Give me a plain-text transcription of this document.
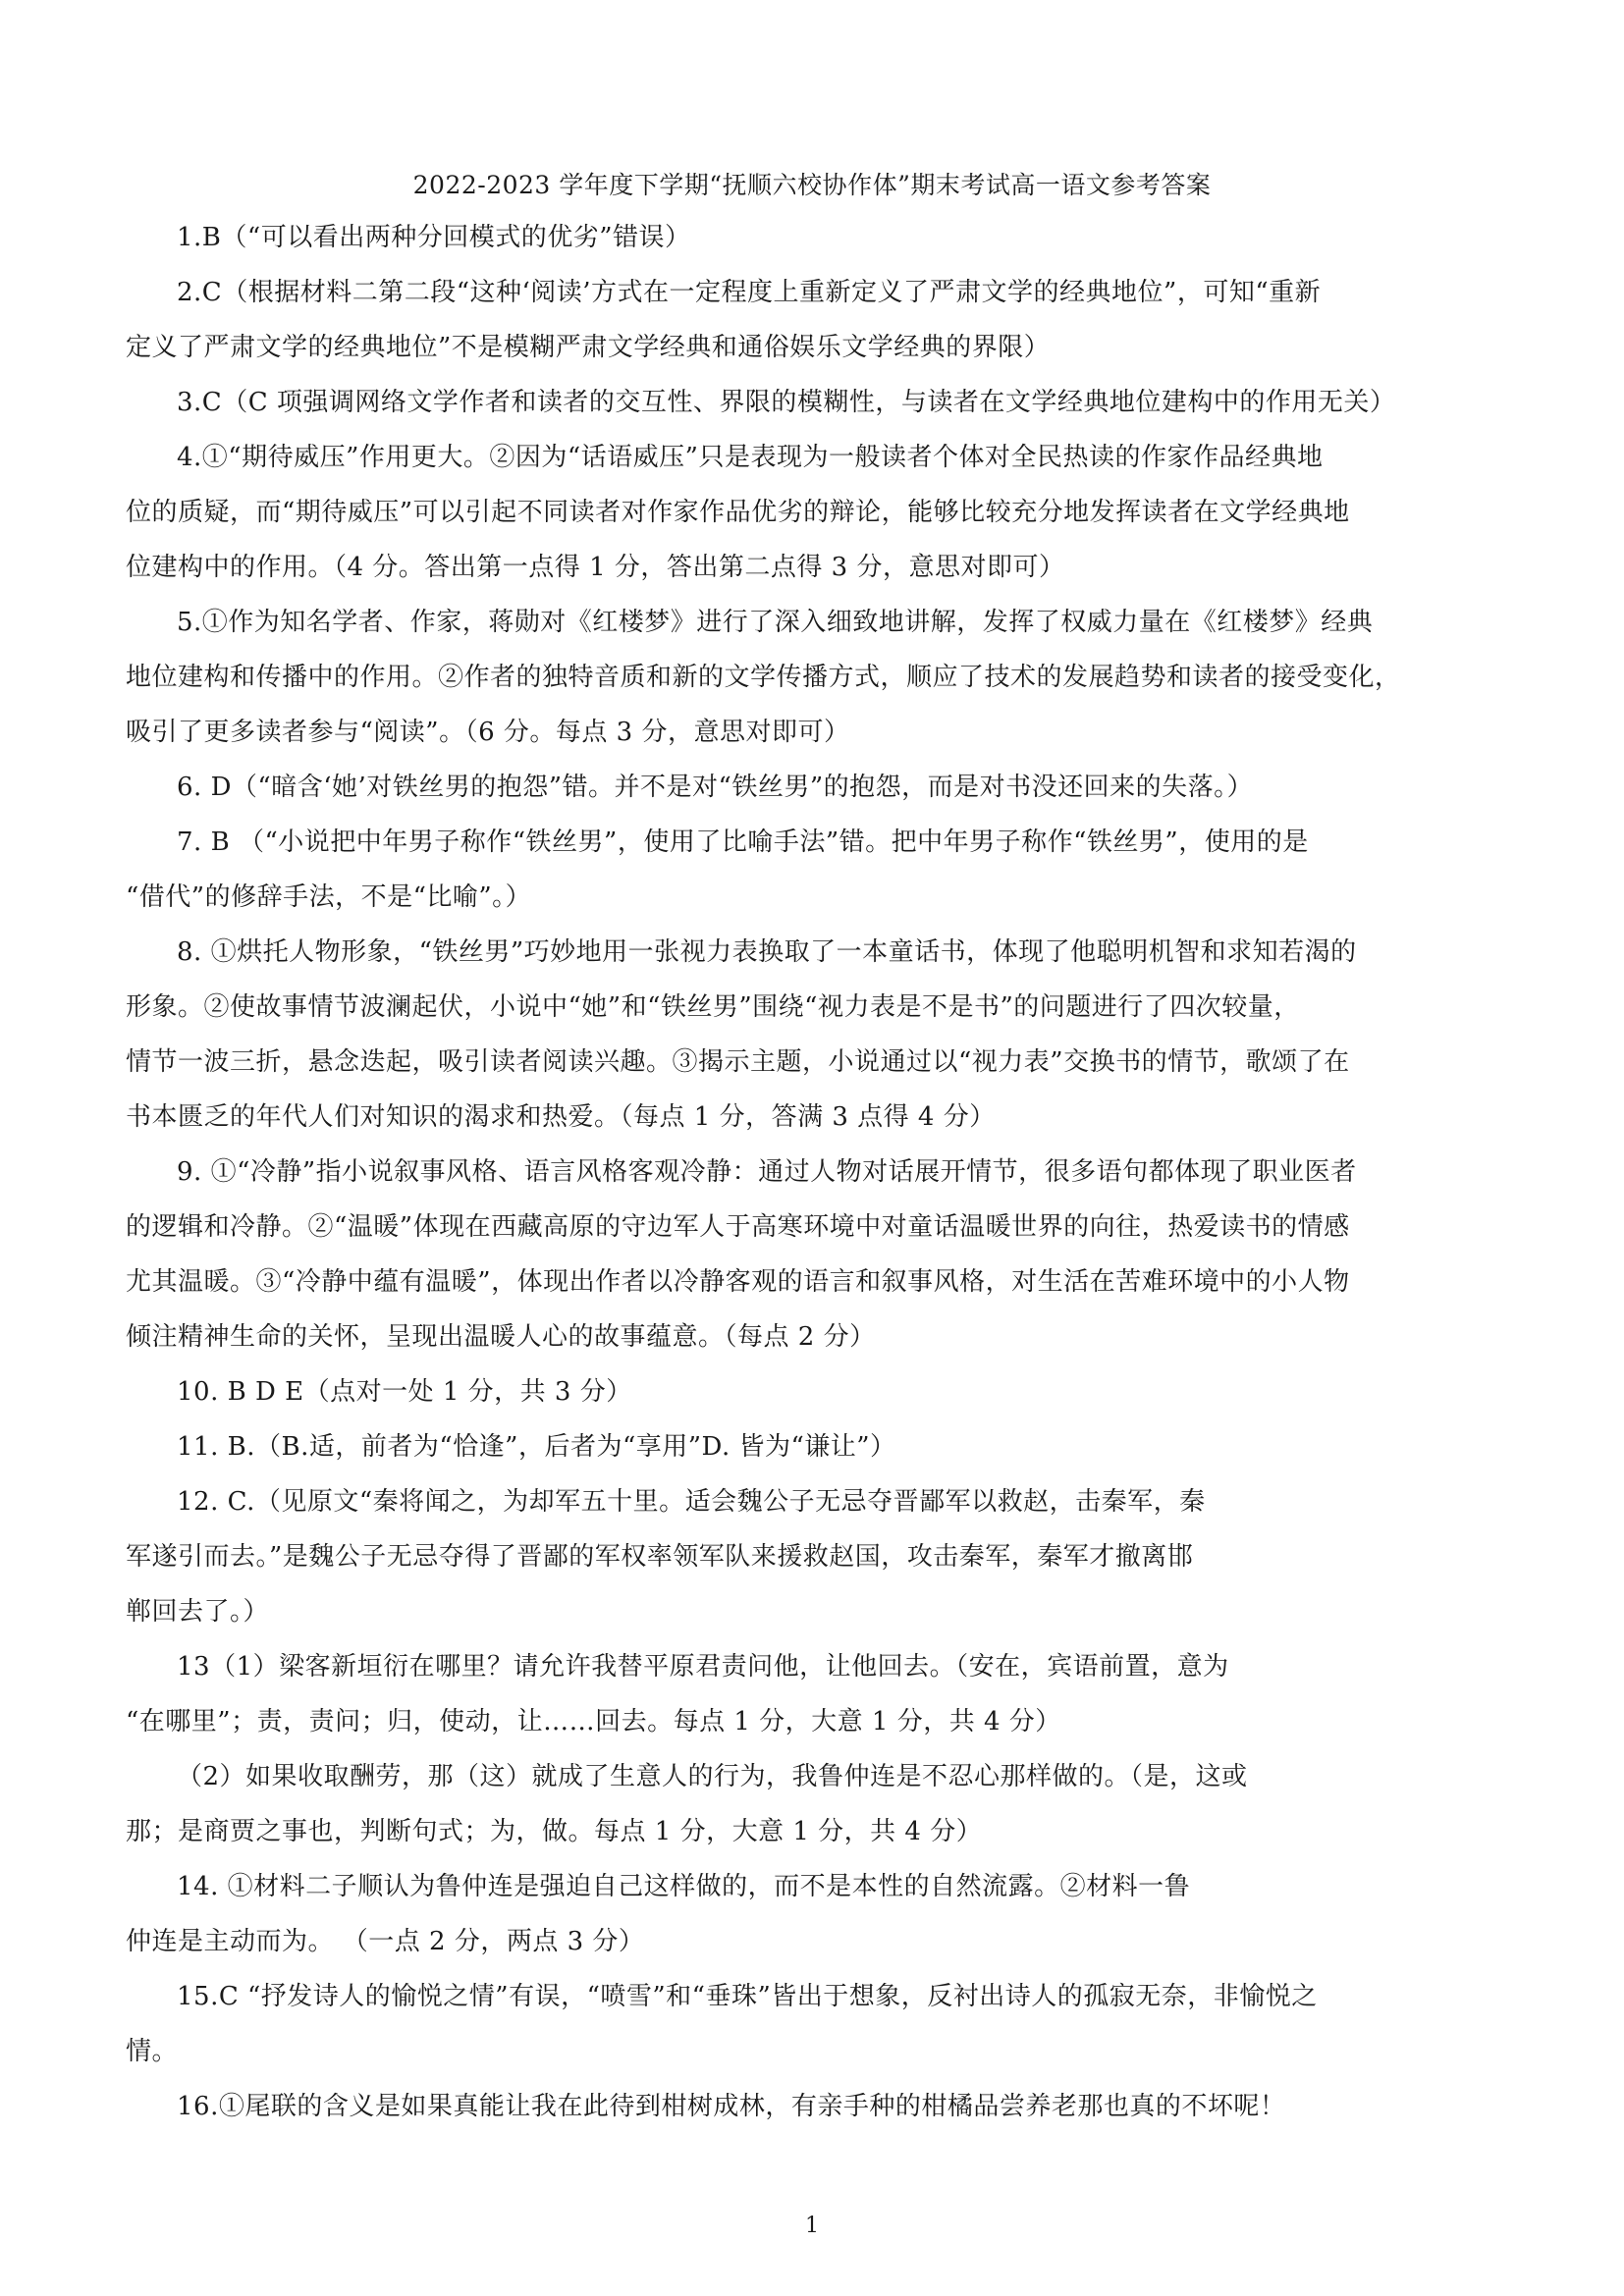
2022-2023 学年度下学期“抚顺六校协作体”期末考试高一语文参考答案
1.B（“可以看出两种分回模式的优劣”错误）
2.C（根据材料二第二段“这种‘阅读’方式在一定程度上重新定义了严肃文学的经典地位”，可知“重新
定义了严肃文学的经典地位”不是模糊严肃文学经典和通俗娱乐文学经典的界限）
3.C（C 项强调网络文学作者和读者的交互性、界限的模糊性，与读者在文学经典地位建构中的作用无关）
4.①“期待威压”作用更大。②因为“话语威压”只是表现为一般读者个体对全民热读的作家作品经典地
位的质疑，而“期待威压”可以引起不同读者对作家作品优劣的辩论，能够比较充分地发挥读者在文学经典地
位建构中的作用。（4 分。答出第一点得 1 分，答出第二点得 3 分，意思对即可）
5.①作为知名学者、作家，蒋勋对《红楼梦》进行了深入细致地讲解，发挥了权威力量在《红楼梦》经典
地位建构和传播中的作用。②作者的独特音质和新的文学传播方式，顺应了技术的发展趋势和读者的接受变化，
吸引了更多读者参与“阅读”。（6 分。每点 3 分，意思对即可）
6. D（“暗含‘她’对铁丝男的抱怨”错。并不是对“铁丝男”的抱怨，而是对书没还回来的失落。）
7. B （“小说把中年男子称作“铁丝男”，使用了比喻手法”错。把中年男子称作“铁丝男”，使用的是
“借代”的修辞手法，不是“比喻”。）
8. ①烘托人物形象，“铁丝男”巧妙地用一张视力表换取了一本童话书，体现了他聪明机智和求知若渴的
形象。②使故事情节波澜起伏，小说中“她”和“铁丝男”围绕“视力表是不是书”的问题进行了四次较量，
情节一波三折，悬念迭起，吸引读者阅读兴趣。③揭示主题，小说通过以“视力表”交换书的情节，歌颂了在
书本匮乏的年代人们对知识的渴求和热爱。（每点 1 分，答满 3 点得 4 分）
9. ①“冷静”指小说叙事风格、语言风格客观冷静：通过人物对话展开情节，很多语句都体现了职业医者
的逻辑和冷静。②“温暖”体现在西藏高原的守边军人于高寒环境中对童话温暖世界的向往，热爱读书的情感
尤其温暖。③“冷静中蕴有温暖”，体现出作者以冷静客观的语言和叙事风格，对生活在苦难环境中的小人物
倾注精神生命的关怀，呈现出温暖人心的故事蕴意。（每点 2 分）
10. B D E（点对一处 1 分，共 3 分）
11. B.（B.适，前者为“恰逢”，后者为“享用”D. 皆为“谦让”）
12. C.（见原文“秦将闻之，为却军五十里。适会魏公子无忌夺晋鄙军以救赵，击秦军，秦
军遂引而去。”是魏公子无忌夺得了晋鄙的军权率领军队来援救赵国，攻击秦军，秦军才撤离邯
郸回去了。）
13（1）梁客新垣衍在哪里？请允许我替平原君责问他，让他回去。（安在，宾语前置，意为
“在哪里”；责，责问；归，使动，让……回去。每点 1 分，大意 1 分，共 4 分）
（2）如果收取酬劳，那（这）就成了生意人的行为，我鲁仲连是不忍心那样做的。（是，这或
那；是商贾之事也，判断句式；为，做。每点 1 分，大意 1 分，共 4 分）
14. ①材料二子顺认为鲁仲连是强迫自己这样做的，而不是本性的自然流露。②材料一鲁
仲连是主动而为。 （一点 2 分，两点 3 分）
15.C “抒发诗人的愉悦之情”有误，“喷雪”和“垂珠”皆出于想象，反衬出诗人的孤寂无奈，非愉悦之
情。
16.①尾联的含义是如果真能让我在此待到柑树成林，有亲手种的柑橘品尝养老那也真的不坏呢！
1
